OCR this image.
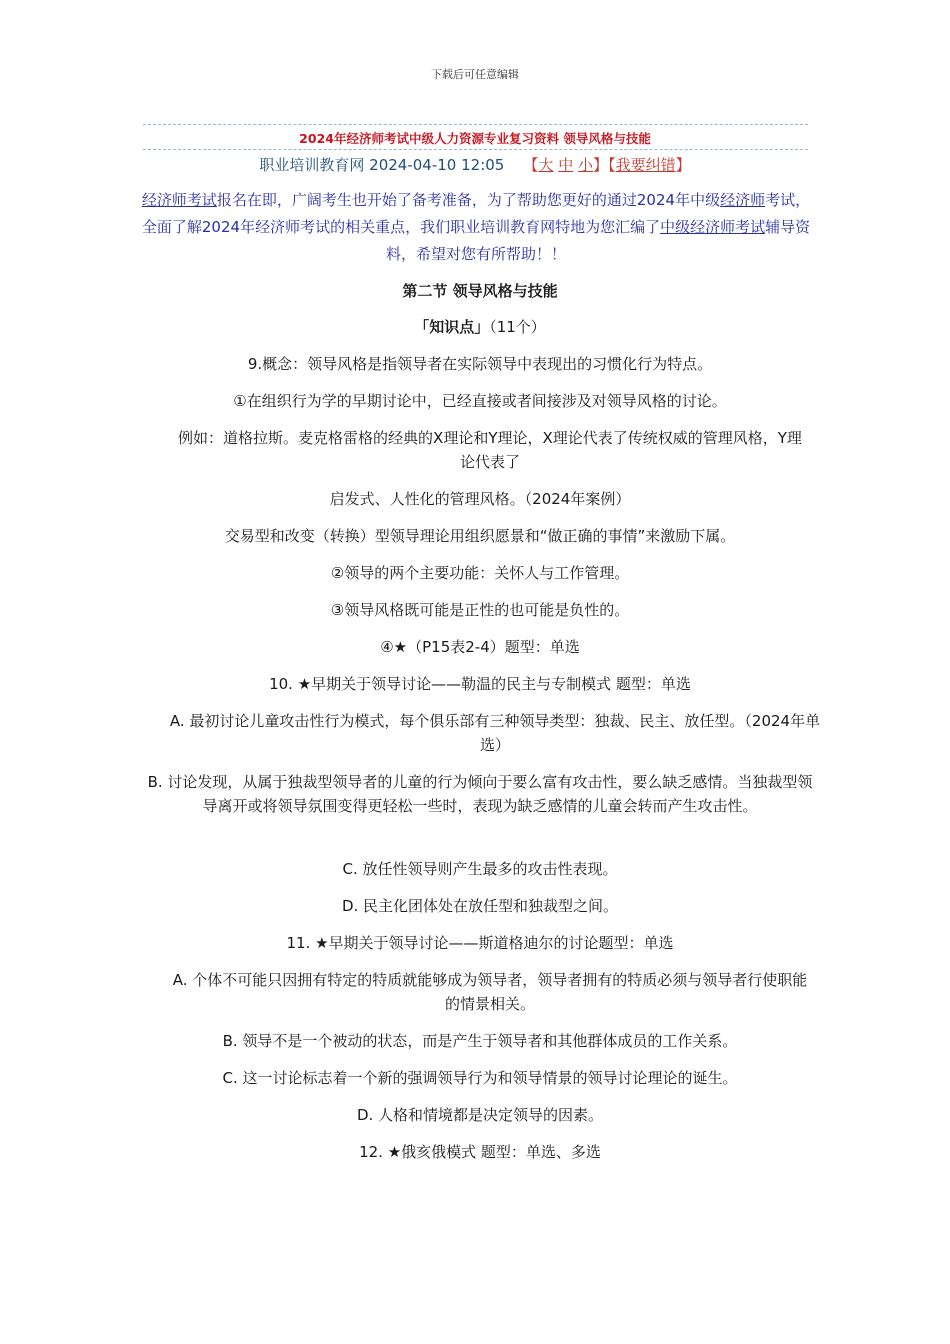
下载后可任意编辑
2024年经济师考试中级人力资源专业复习资料 领导风格与技能
职业培训教育网 2024-04-10 12:05 【大 中 小】【我要纠错】
经济师考试报名在即，广阔考生也开始了备考准备，为了帮助您更好的通过2024年中级经济师考试，全面了解2024年经济师考试的相关重点，我们职业培训教育网特地为您汇编了中级经济师考试辅导资料，希望对您有所帮助！！
第二节 领导风格与技能
「知识点」（11个）
9.概念：领导风格是指领导者在实际领导中表现出的习惯化行为特点。
①在组织行为学的早期讨论中，已经直接或者间接涉及对领导风格的讨论。
例如：道格拉斯。麦克格雷格的经典的X理论和Y理论，X理论代表了传统权威的管理风格，Y理论代表了
启发式、人性化的管理风格。（2024年案例）
交易型和改变（转换）型领导理论用组织愿景和“做正确的事情”来激励下属。
②领导的两个主要功能：关怀人与工作管理。
③领导风格既可能是正性的也可能是负性的。
④★（P15表2-4）题型：单选
10. ★早期关于领导讨论——勒温的民主与专制模式 题型：单选
A. 最初讨论儿童攻击性行为模式，每个俱乐部有三种领导类型：独裁、民主、放任型。（2024年单选）
B. 讨论发现，从属于独裁型领导者的儿童的行为倾向于要么富有攻击性，要么缺乏感情。当独裁型领导离开或将领导氛围变得更轻松一些时，表现为缺乏感情的儿童会转而产生攻击性。
C. 放任性领导则产生最多的攻击性表现。
D. 民主化团体处在放任型和独裁型之间。
11. ★早期关于领导讨论——斯道格迪尔的讨论题型：单选
A. 个体不可能只因拥有特定的特质就能够成为领导者，领导者拥有的特质必须与领导者行使职能的情景相关。
B. 领导不是一个被动的状态，而是产生于领导者和其他群体成员的工作关系。
C. 这一讨论标志着一个新的强调领导行为和领导情景的领导讨论理论的诞生。
D. 人格和情境都是决定领导的因素。
12. ★俄亥俄模式 题型：单选、多选
